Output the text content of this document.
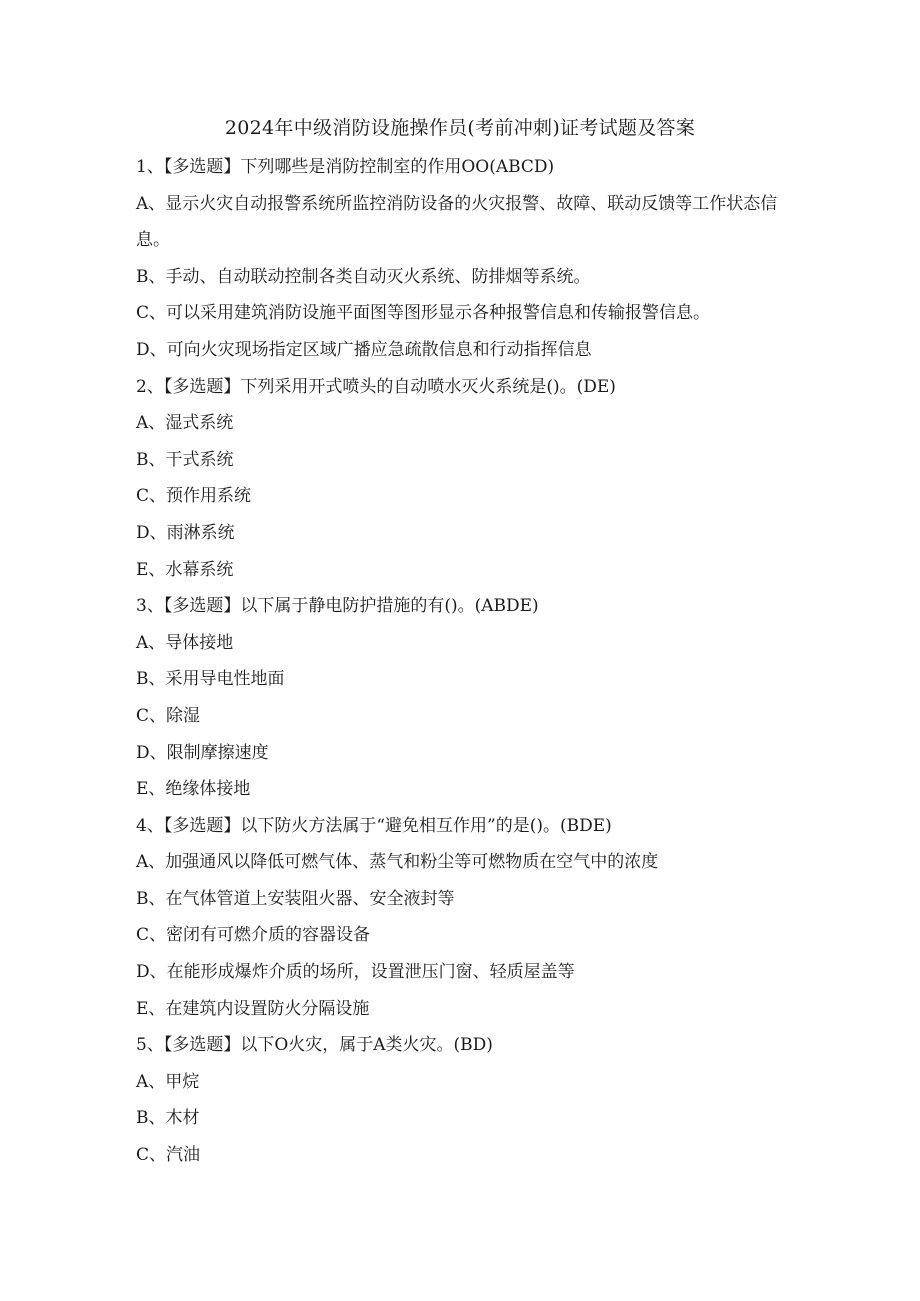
2024年中级消防设施操作员(考前冲刺)证考试题及答案

1、【多选题】下列哪些是消防控制室的作用OO(ABCD)

A、显示火灾自动报警系统所监控消防设备的火灾报警、故障、联动反馈等工作状态信息。
B、手动、自动联动控制各类自动灭火系统、防排烟等系统。
C、可以采用建筑消防设施平面图等图形显示各种报警信息和传输报警信息。
D、可向火灾现场指定区域广播应急疏散信息和行动指挥信息

2、【多选题】下列采用开式喷头的自动喷水灭火系统是()。(DE)

A、湿式系统
B、干式系统
C、预作用系统
D、雨淋系统
E、水幕系统

3、【多选题】以下属于静电防护措施的有()。(ABDE)

A、导体接地
B、采用导电性地面
C、除湿
D、限制摩擦速度
E、绝缘体接地

4、【多选题】以下防火方法属于“避免相互作用”的是()。(BDE)

A、加强通风以降低可燃气体、蒸气和粉尘等可燃物质在空气中的浓度
B、在气体管道上安装阻火器、安全液封等
C、密闭有可燃介质的容器设备
D、在能形成爆炸介质的场所，设置泄压门窗、轻质屋盖等
E、在建筑内设置防火分隔设施

5、【多选题】以下O火灾，属于A类火灾。(BD)

A、甲烷
B、木材
C、汽油
